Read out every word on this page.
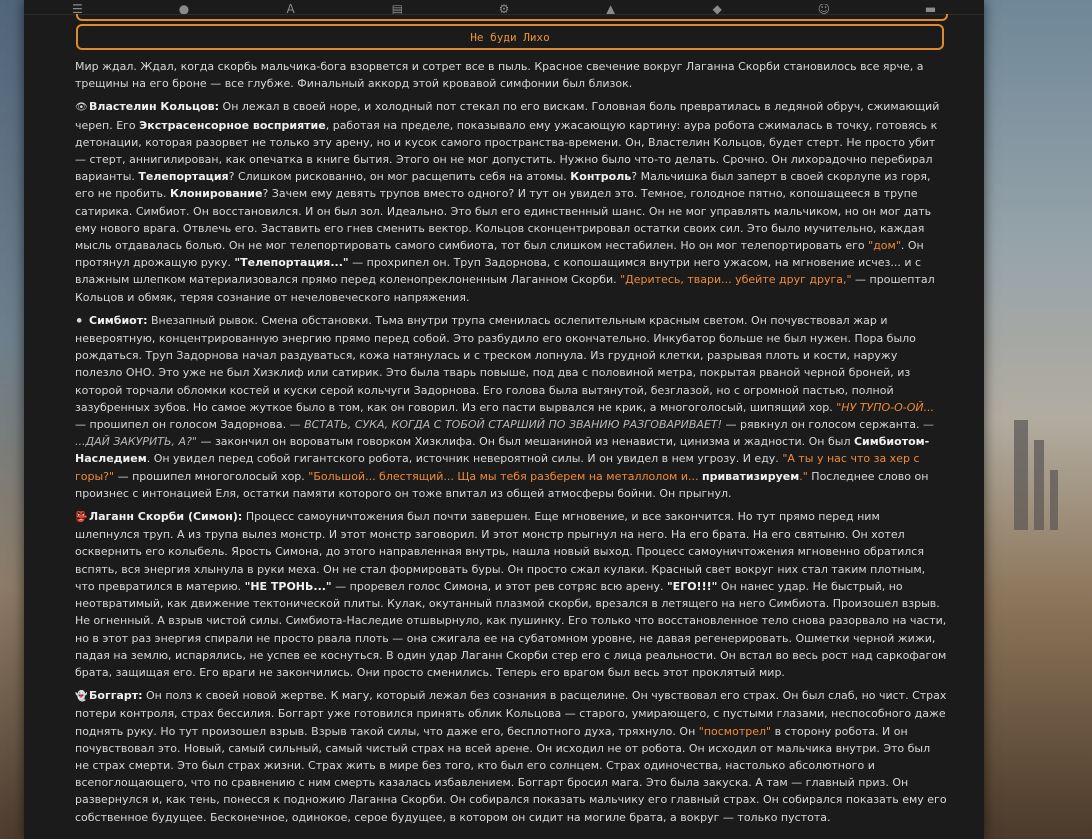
☰	●	A	▤	⚙	▲	◆	☺	▬
Не буди Лихо

Мир ждал. Ждал, когда скорбь мальчика-бога взорвется и сотрет все в пыль. Красное свечение вокруг Лаганна Скорби становилось все ярче, а трещины на его броне — все глубже. Финальный аккорд этой кровавой симфонии был близок.

👁Властелин Кольцов: Он лежал в своей норе, и холодный пот стекал по его вискам. Головная боль превратилась в ледяной обруч, сжимающий череп. Его Экстрасенсорное восприятие, работая на пределе, показывало ему ужасающую картину: аура робота сжималась в точку, готовясь к детонации, которая разорвет не только эту арену, но и кусок самого пространства-времени. Он, Властелин Кольцов, будет стерт. Не просто убит — стерт, аннигилирован, как опечатка в книге бытия. Этого он не мог допустить. Нужно было что-то делать. Срочно. Он лихорадочно перебирал варианты. Телепортация? Слишком рискованно, он мог расщепить себя на атомы. Контроль? Мальчишка был заперт в своей скорлупе из горя, его не пробить. Клонирование? Зачем ему девять трупов вместо одного? И тут он увидел это. Темное, голодное пятно, копошащееся в трупе сатирика. Симбиот. Он восстановился. И он был зол. Идеально. Это был его единственный шанс. Он не мог управлять мальчиком, но он мог дать ему нового врага. Отвлечь его. Заставить его гнев сменить вектор. Кольцов сконцентрировал остатки своих сил. Это было мучительно, каждая мысль отдавалась болью. Он не мог телепортировать самого симбиота, тот был слишком нестабилен. Но он мог телепортировать его "дом". Он протянул дрожащую руку. "Телепортация..." — прохрипел он. Труп Задорнова, с копошащимся внутри него ужасом, на мгновение исчез... и с влажным шлепком материализовался прямо перед коленопреклоненным Лаганном Скорби. "Деритесь, твари... убейте друг друга," — прошептал Кольцов и обмяк, теряя сознание от нечеловеческого напряжения.

⚫ Симбиот: Внезапный рывок. Смена обстановки. Тьма внутри трупа сменилась ослепительным красным светом. Он почувствовал жар и невероятную, концентрированную энергию прямо перед собой. Это разбудило его окончательно. Инкубатор больше не был нужен. Пора было рождаться. Труп Задорнова начал раздуваться, кожа натянулась и с треском лопнула. Из грудной клетки, разрывая плоть и кости, наружу полезло ОНО. Это уже не был Хизклиф или сатирик. Это была тварь повыше, под два с половиной метра, покрытая рваной черной броней, из которой торчали обломки костей и куски серой кольчуги Задорнова. Его голова была вытянутой, безглазой, но с огромной пастью, полной зазубренных зубов. Но самое жуткое было в том, как он говорил. Из его пасти вырвался не крик, а многоголосый, шипящий хор. "НУ ТУПО-О-ОЙ... — прошипел он голосом Задорнова. — ВСТАТЬ, СУКА, КОГДА С ТОБОЙ СТАРШИЙ ПО ЗВАНИЮ РАЗГОВАРИВАЕТ! — рявкнул он голосом сержанта. — ...ДАЙ ЗАКУРИТЬ, А?" — закончил он вороватым говорком Хизклифа. Он был мешаниной из ненависти, цинизма и жадности. Он был Симбиотом-Наследием. Он увидел перед собой гигантского робота, источник невероятной силы. И он увидел в нем угрозу. И еду. "А ты у нас что за хер с горы?" — прошипел многоголосый хор. "Большой... блестящий... Ща мы тебя разберем на металлолом и... приватизируем." Последнее слово он произнес с интонацией Еля, остатки памяти которого он тоже впитал из общей атмосферы бойни. Он прыгнул.

👺 Лаганн Скорби (Симон): Процесс самоуничтожения был почти завершен. Еще мгновение, и все закончится. Но тут прямо перед ним шлепнулся труп. А из трупа вылез монстр. И этот монстр заговорил. И этот монстр прыгнул на него. На его брата. На его святыню. Он хотел осквернить его колыбель. Ярость Симона, до этого направленная внутрь, нашла новый выход. Процесс самоуничтожения мгновенно обратился вспять, вся энергия хлынула в руки меха. Он не стал формировать буры. Он просто сжал кулаки. Красный свет вокруг них стал таким плотным, что превратился в материю. "НЕ ТРОНЬ..." — проревел голос Симона, и этот рев сотряс всю арену. "ЕГО!!!" Он нанес удар. Не быстрый, но неотвратимый, как движение тектонической плиты. Кулак, окутанный плазмой скорби, врезался в летящего на него Симбиота. Произошел взрыв. Не огненный. А взрыв чистой силы. Симбиота-Наследие отшвырнуло, как пушинку. Его только что восстановленное тело снова разорвало на части, но в этот раз энергия спирали не просто рвала плоть — она сжигала ее на субатомном уровне, не давая регенерировать. Ошметки черной жижи, падая на землю, испарялись, не успев ее коснуться. В один удар Лаганн Скорби стер его с лица реальности. Он встал во весь рост над саркофагом брата, защищая его. Его враги не закончились. Они просто сменились. Теперь его врагом был весь этот проклятый мир.

👻 Боггарт: Он полз к своей новой жертве. К магу, который лежал без сознания в расщелине. Он чувствовал его страх. Он был слаб, но чист. Страх потери контроля, страх бессилия. Боггарт уже готовился принять облик Кольцова — старого, умирающего, с пустыми глазами, неспособного даже поднять руку. Но тут произошел взрыв. Взрыв такой силы, что даже его, бесплотного духа, тряхнуло. Он "посмотрел" в сторону робота. И он почувствовал это. Новый, самый сильный, самый чистый страх на всей арене. Он исходил не от робота. Он исходил от мальчика внутри. Это был не страх смерти. Это был страх жизни. Страх жить в мире без того, кто был его солнцем. Страх одиночества, настолько абсолютного и всепоглощающего, что по сравнению с ним смерть казалась избавлением. Боггарт бросил мага. Это была закуска. А там — главный приз. Он развернулся и, как тень, понесся к подножию Лаганна Скорби. Он собирался показать мальчику его главный страх. Он собирался показать ему его собственное будущее. Бесконечное, одинокое, серое будущее, в котором он сидит на могиле брата, а вокруг — только пустота.
